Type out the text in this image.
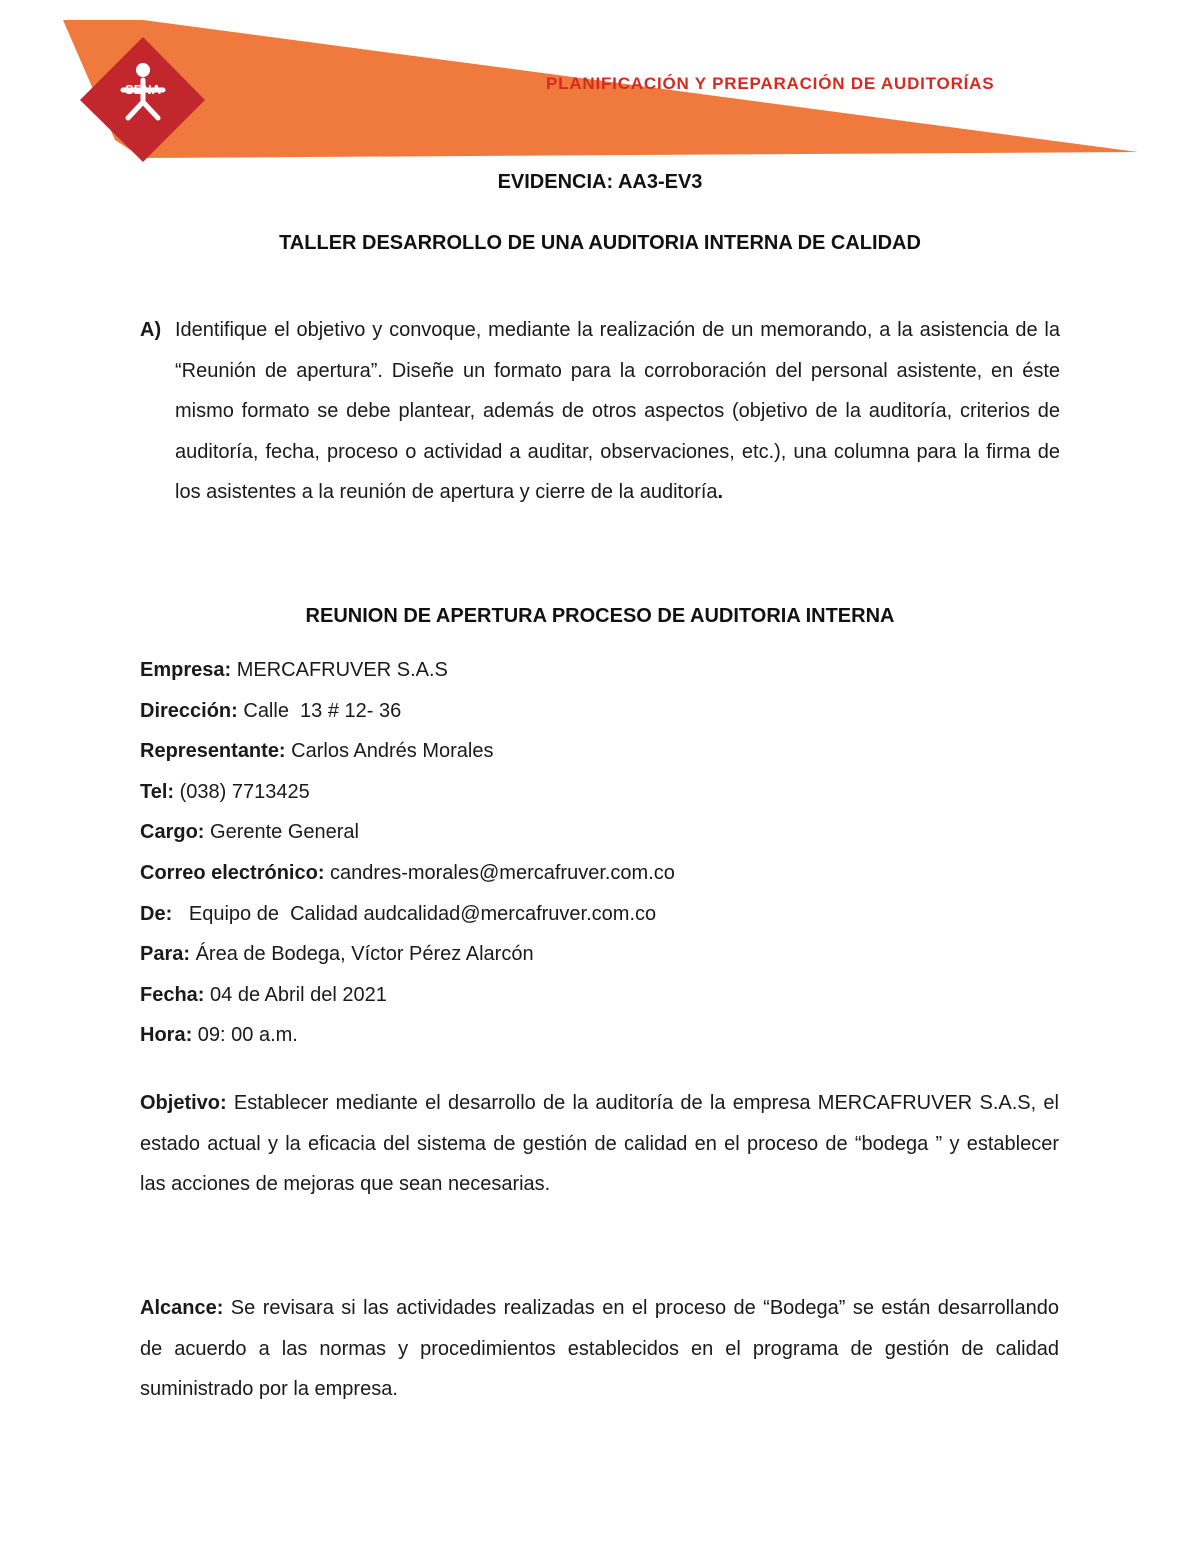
SENA	PLANIFICACIÓN Y PREPARACIÓN DE AUDITORÍAS
EVIDENCIA: AA3-EV3
TALLER DESARROLLO DE UNA AUDITORIA INTERNA DE CALIDAD
A) Identifique el objetivo y convoque, mediante la realización de un memorando, a la asistencia de la “Reunión de apertura”. Diseñe un formato para la corroboración del personal asistente, en éste mismo formato se debe plantear, además de otros aspectos (objetivo de la auditoría, criterios de auditoría, fecha, proceso o actividad a auditar, observaciones, etc.), una columna para la firma de los asistentes a la reunión de apertura y cierre de la auditoría.
REUNION DE APERTURA PROCESO DE AUDITORIA INTERNA
Empresa: MERCAFRUVER S.A.S
Dirección: Calle  13 # 12- 36
Representante: Carlos Andrés Morales
Tel: (038) 7713425
Cargo: Gerente General
Correo electrónico: candres-morales@mercafruver.com.co
De:   Equipo de  Calidad audcalidad@mercafruver.com.co
Para: Área de Bodega, Víctor Pérez Alarcón
Fecha: 04 de Abril del 2021
Hora: 09: 00 a.m.
Objetivo: Establecer mediante el desarrollo de la auditoría de la empresa MERCAFRUVER S.A.S, el estado actual y la eficacia del sistema de gestión de calidad en el proceso de “bodega ” y establecer las acciones de mejoras que sean necesarias.
Alcance: Se revisara si las actividades realizadas en el proceso de “Bodega” se están desarrollando de acuerdo a las normas y procedimientos establecidos en el programa de gestión de calidad suministrado por la empresa.
